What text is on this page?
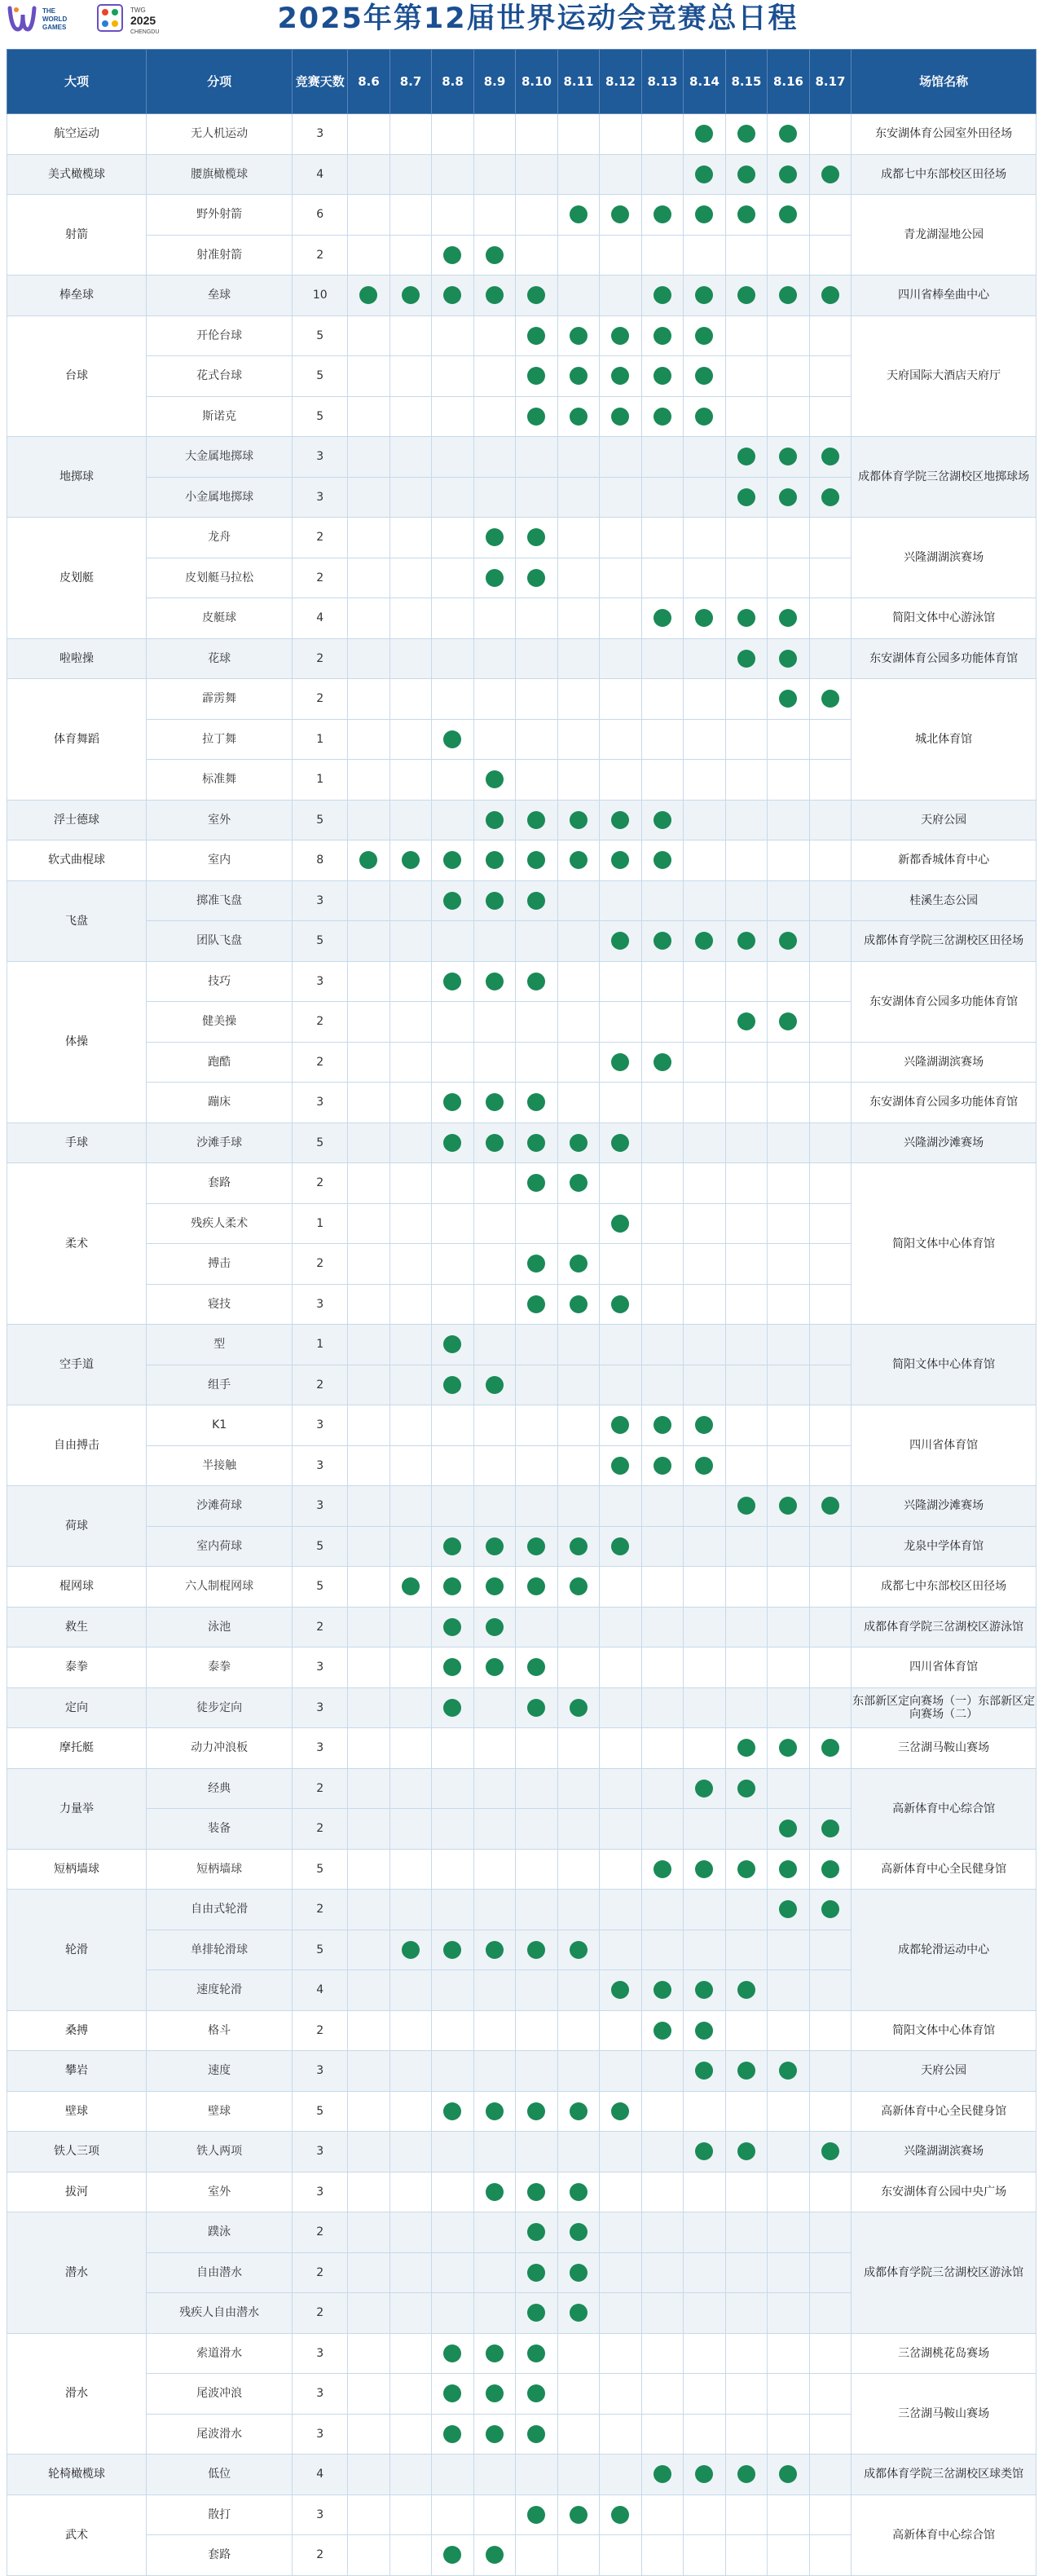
THE
WORLD
GAMES
TWG
2025
CHENGDU	2025年第12届世界运动会竞赛总日程
大项	分项	竞赛天数	8.6	8.7	8.8	8.9	8.10	8.11	8.12	8.13	8.14	8.15	8.16	8.17	场馆名称
航空运动	无人机运动	3													东安湖体育公园室外田径场
美式橄榄球	腰旗橄榄球	4													成都七中东部校区田径场
射箭	野外射箭	6													青龙湖湿地公园
	射准射箭	2													
棒垒球	垒球	10													四川省棒垒曲中心
台球	开伦台球	5													天府国际大酒店天府厅
	花式台球	5													
	斯诺克	5													
地掷球	大金属地掷球	3													成都体育学院三岔湖校区地掷球场
	小金属地掷球	3													
皮划艇	龙舟	2													兴隆湖湖滨赛场
	皮划艇马拉松	2													
	皮艇球	4													简阳文体中心游泳馆
啦啦操	花球	2													东安湖体育公园多功能体育馆
体育舞蹈	霹雳舞	2													城北体育馆
	拉丁舞	1													
	标准舞	1													
浮士德球	室外	5													天府公园
软式曲棍球	室内	8													新都香城体育中心
飞盘	掷准飞盘	3													桂溪生态公园
	团队飞盘	5													成都体育学院三岔湖校区田径场
体操	技巧	3													东安湖体育公园多功能体育馆
	健美操	2													
	跑酷	2													兴隆湖湖滨赛场
	蹦床	3													东安湖体育公园多功能体育馆
手球	沙滩手球	5													兴隆湖沙滩赛场
柔术	套路	2													简阳文体中心体育馆
	残疾人柔术	1													
	搏击	2													
	寝技	3													
空手道	型	1													简阳文体中心体育馆
	组手	2													
自由搏击	K1	3													四川省体育馆
	半接触	3													
荷球	沙滩荷球	3													兴隆湖沙滩赛场
	室内荷球	5													龙泉中学体育馆
棍网球	六人制棍网球	5													成都七中东部校区田径场
救生	泳池	2													成都体育学院三岔湖校区游泳馆
泰拳	泰拳	3													四川省体育馆
定向	徒步定向	3													东部新区定向赛场（一）东部新区定向赛场（二）
摩托艇	动力冲浪板	3													三岔湖马鞍山赛场
力量举	经典	2													高新体育中心综合馆
	装备	2													
短柄墙球	短柄墙球	5													高新体育中心全民健身馆
轮滑	自由式轮滑	2													成都轮滑运动中心
	单排轮滑球	5													
	速度轮滑	4													
桑搏	格斗	2													简阳文体中心体育馆
攀岩	速度	3													天府公园
壁球	壁球	5													高新体育中心全民健身馆
铁人三项	铁人两项	3													兴隆湖湖滨赛场
拔河	室外	3													东安湖体育公园中央广场
潜水	蹼泳	2													成都体育学院三岔湖校区游泳馆
	自由潜水	2													
	残疾人自由潜水	2													
滑水	索道滑水	3													三岔湖桃花岛赛场
	尾波冲浪	3													三岔湖马鞍山赛场
	尾波滑水	3													
轮椅橄榄球	低位	4													成都体育学院三岔湖校区球类馆
武术	散打	3													高新体育中心综合馆
	套路	2													
